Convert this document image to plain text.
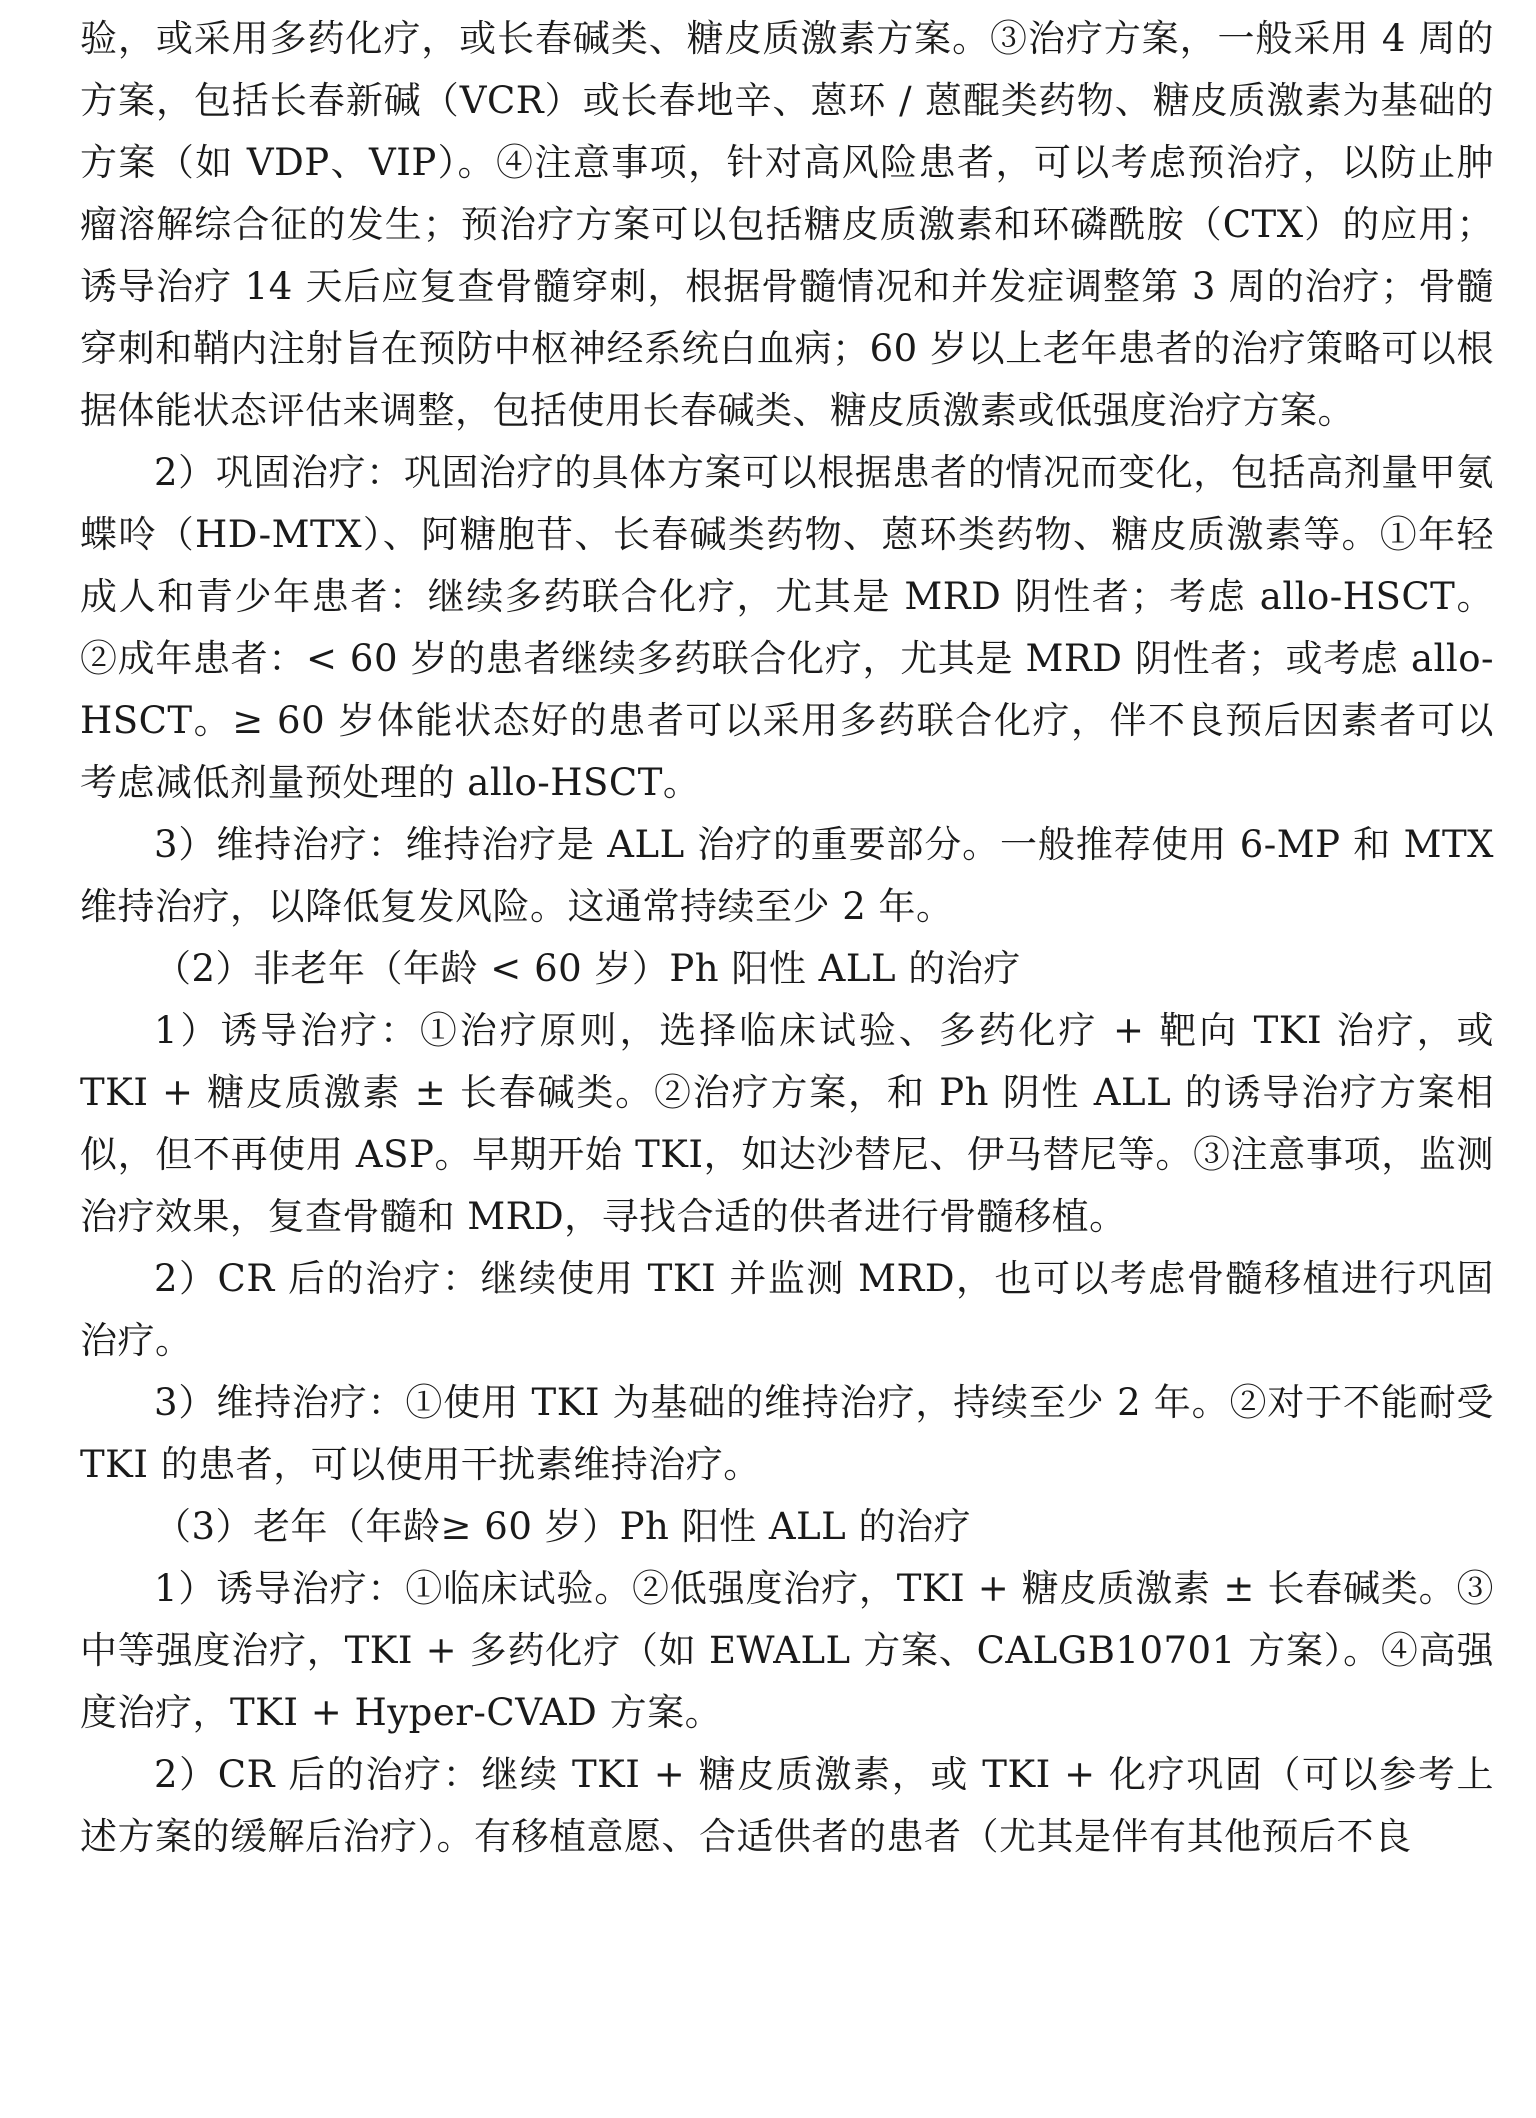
验，或采用多药化疗，或长春碱类、糖皮质激素方案。③治疗方案，一般采用 4 周的方案，包括长春新碱（VCR）或长春地辛、蒽环 / 蒽醌类药物、糖皮质激素为基础的方案（如 VDP、VIP）。④注意事项，针对高风险患者，可以考虑预治疗，以防止肿瘤溶解综合征的发生；预治疗方案可以包括糖皮质激素和环磷酰胺（CTX）的应用；诱导治疗 14 天后应复查骨髓穿刺，根据骨髓情况和并发症调整第 3 周的治疗；骨髓穿刺和鞘内注射旨在预防中枢神经系统白血病；60 岁以上老年患者的治疗策略可以根据体能状态评估来调整，包括使用长春碱类、糖皮质激素或低强度治疗方案。

2）巩固治疗：巩固治疗的具体方案可以根据患者的情况而变化，包括高剂量甲氨蝶呤（HD-MTX）、阿糖胞苷、长春碱类药物、蒽环类药物、糖皮质激素等。①年轻成人和青少年患者：继续多药联合化疗，尤其是 MRD 阴性者；考虑 allo-HSCT。②成年患者：< 60 岁的患者继续多药联合化疗，尤其是 MRD 阴性者；或考虑 allo-HSCT。≥ 60 岁体能状态好的患者可以采用多药联合化疗，伴不良预后因素者可以考虑减低剂量预处理的 allo-HSCT。

3）维持治疗：维持治疗是 ALL 治疗的重要部分。一般推荐使用 6-MP 和 MTX 维持治疗，以降低复发风险。这通常持续至少 2 年。

（2）非老年（年龄 < 60 岁）Ph 阳性 ALL 的治疗

1）诱导治疗：①治疗原则，选择临床试验、多药化疗 + 靶向 TKI 治疗，或 TKI + 糖皮质激素 ± 长春碱类。②治疗方案，和 Ph 阴性 ALL 的诱导治疗方案相似，但不再使用 ASP。早期开始 TKI，如达沙替尼、伊马替尼等。③注意事项，监测治疗效果，复查骨髓和 MRD，寻找合适的供者进行骨髓移植。

2）CR 后的治疗：继续使用 TKI 并监测 MRD，也可以考虑骨髓移植进行巩固治疗。

3）维持治疗：①使用 TKI 为基础的维持治疗，持续至少 2 年。②对于不能耐受 TKI 的患者，可以使用干扰素维持治疗。

（3）老年（年龄≥ 60 岁）Ph 阳性 ALL 的治疗

1）诱导治疗：①临床试验。②低强度治疗，TKI + 糖皮质激素 ± 长春碱类。③中等强度治疗，TKI + 多药化疗（如 EWALL 方案、CALGB10701 方案）。④高强度治疗，TKI + Hyper-CVAD 方案。

2）CR 后的治疗：继续 TKI + 糖皮质激素，或 TKI + 化疗巩固（可以参考上述方案的缓解后治疗）。有移植意愿、合适供者的患者（尤其是伴有其他预后不良
